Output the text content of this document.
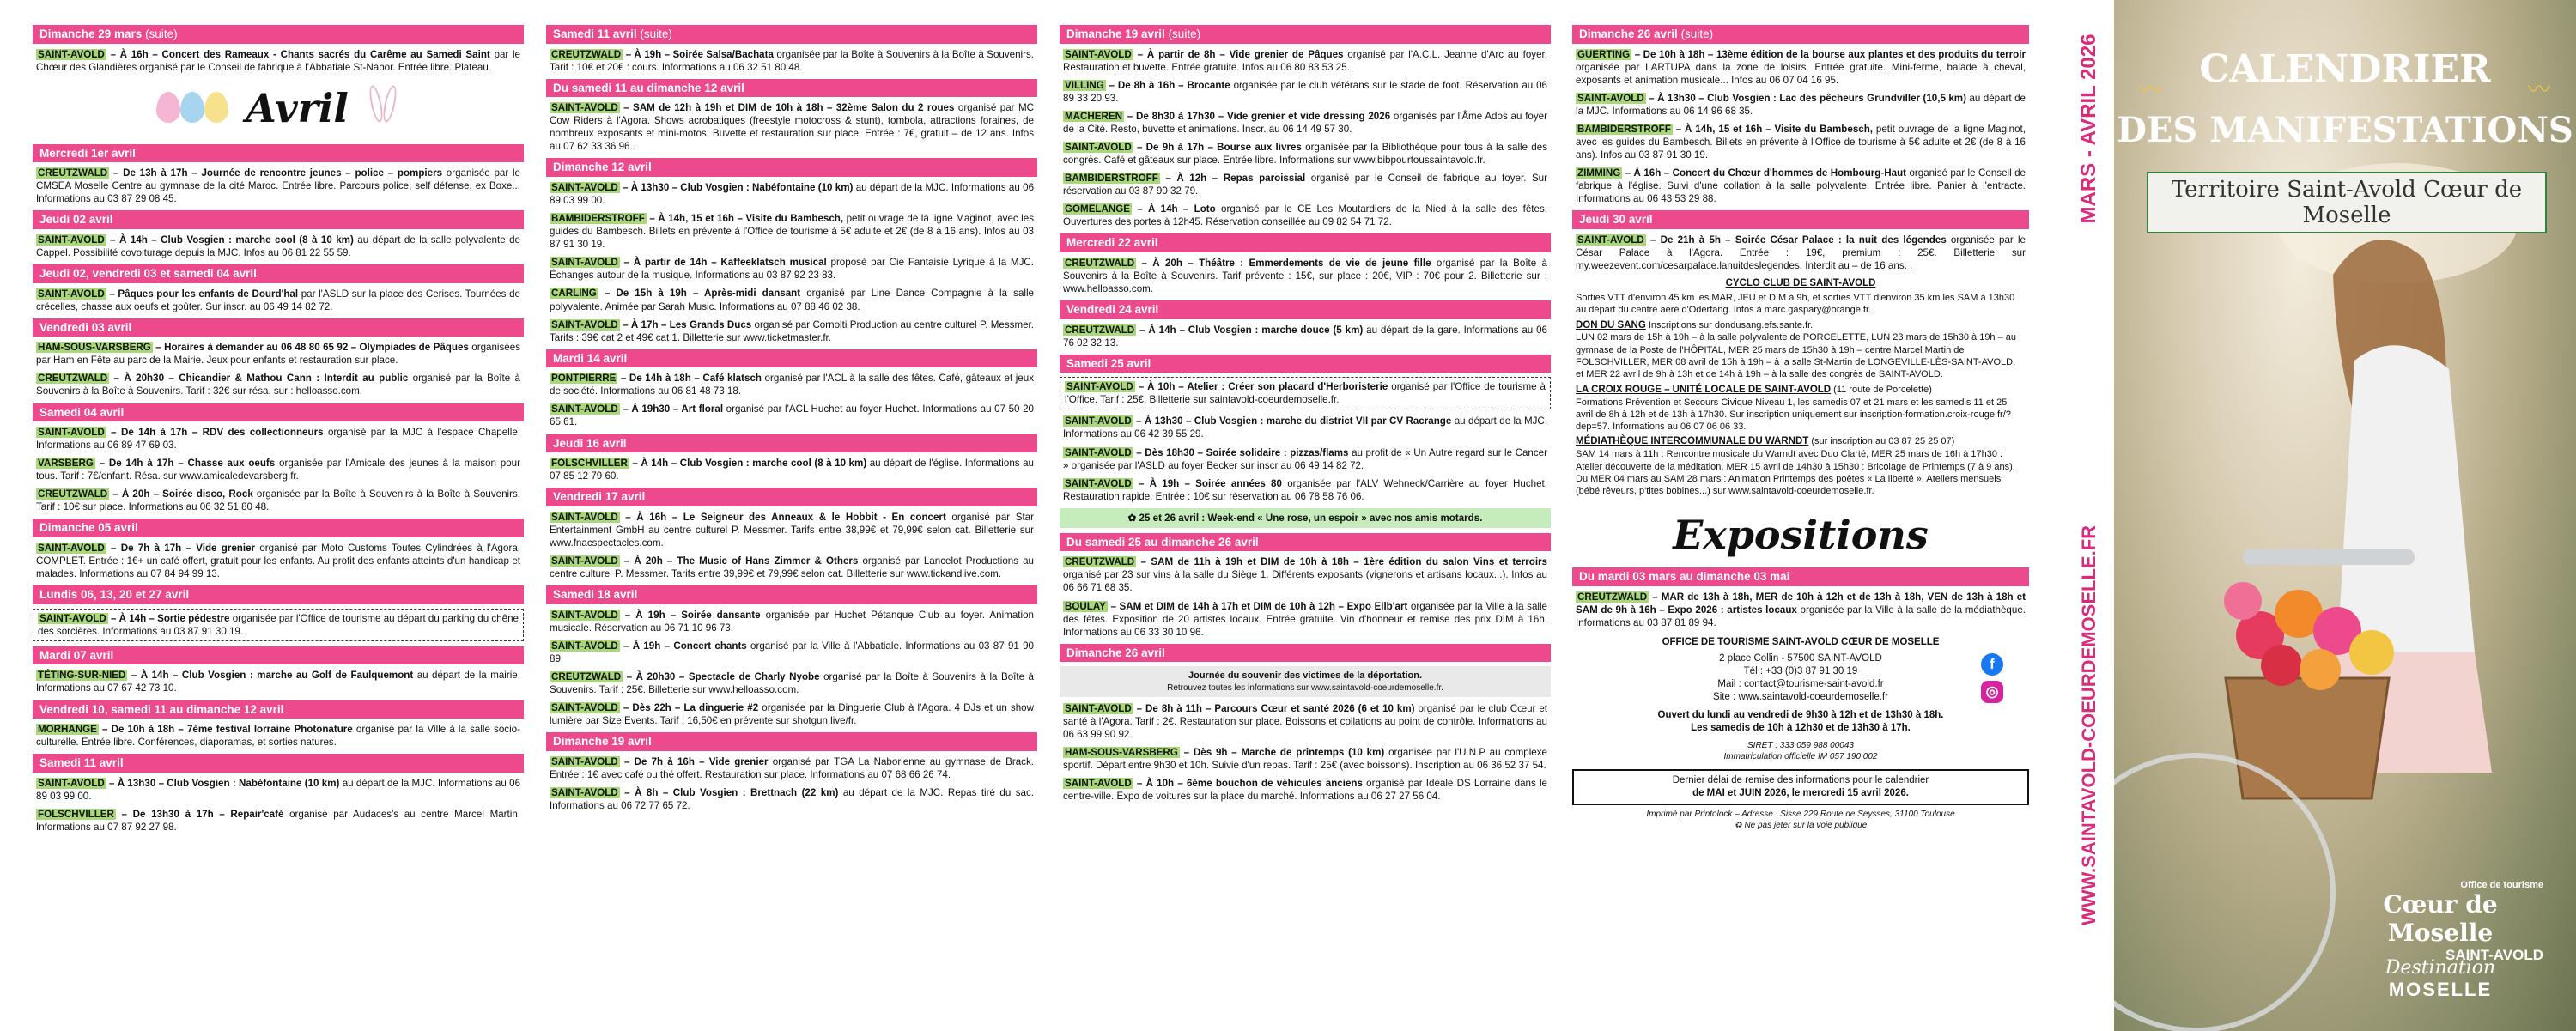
Dimanche 29 mars (suite)
SAINT-AVOLD – À 16h – Concert des Rameaux - Chants sacrés du Carême au Samedi Saint par le Chœur des Glandières organisé par le Conseil de fabrique à l'Abbatiale St-Nabor. Entrée libre. Plateau.
Avril
Mercredi 1er avril
CREUTZWALD – De 13h à 17h – Journée de rencontre jeunes – police – pompiers organisée par le CMSEA Moselle Centre au gymnase de la cité Maroc. Entrée libre. Parcours police, self défense, ex Boxe... Informations au 03 87 29 08 45.
Jeudi 02 avril
SAINT-AVOLD – À 14h – Club Vosgien : marche cool (8 à 10 km) au départ de la salle polyvalente de Cappel. Possibilité covoiturage depuis la MJC. Infos au 06 81 22 55 59.
Jeudi 02, vendredi 03 et samedi 04 avril
SAINT-AVOLD – Pâques pour les enfants de Dourd'hal par l'ASLD sur la place des Cerises. Tournées de crécelles, chasse aux oeufs et goûter. Sur inscr. au 06 49 14 82 72.
Vendredi 03 avril
HAM-SOUS-VARSBERG – Horaires à demander au 06 48 80 65 92 – Olympiades de Pâques organisées par Ham en Fête au parc de la Mairie. Jeux pour enfants et restauration sur place.
CREUTZWALD – À 20h30 – Chicandier & Mathou Cann : Interdit au public organisé par la Boîte à Souvenirs à la Boîte à Souvenirs. Tarif : 32€ sur résa. sur : helloasso.com.
Samedi 04 avril
SAINT-AVOLD – De 14h à 17h – RDV des collectionneurs organisé par la MJC à l'espace Chapelle. Informations au 06 89 47 69 03.
VARSBERG – De 14h à 17h – Chasse aux oeufs organisée par l'Amicale des jeunes à la maison pour tous. Tarif : 7€/enfant. Résa. sur www.amicaledevarsberg.fr.
CREUTZWALD – À 20h – Soirée disco, Rock organisée par la Boîte à Souvenirs à la Boîte à Souvenirs. Tarif : 10€ sur place. Informations au 06 32 51 80 48.
Dimanche 05 avril
SAINT-AVOLD – De 7h à 17h – Vide grenier organisé par Moto Customs Toutes Cylindrées à l'Agora. COMPLET. Entrée : 1€+ un café offert, gratuit pour les enfants. Au profit des enfants atteints d'un handicap et malades. Informations au 07 84 94 99 13.
Lundis 06, 13, 20 et 27 avril
SAINT-AVOLD – À 14h – Sortie pédestre organisée par l'Office de tourisme au départ du parking du chêne des sorcières. Informations au 03 87 91 30 19.
Mardi 07 avril
TÉTING-SUR-NIED – À 14h – Club Vosgien : marche au Golf de Faulquemont au départ de la mairie. Informations au 07 67 42 73 10.
Vendredi 10, samedi 11 au dimanche 12 avril
MORHANGE – De 10h à 18h – 7ème festival lorraine Photonature organisé par la Ville à la salle socio-culturelle. Entrée libre. Conférences, diaporamas, et sorties natures.
Samedi 11 avril
SAINT-AVOLD – À 13h30 – Club Vosgien : Nabéfontaine (10 km) au départ de la MJC. Informations au 06 89 03 99 00.
FOLSCHVILLER – De 13h30 à 17h – Repair'café organisé par Audaces's au centre Marcel Martin. Informations au 07 87 92 27 98.
Samedi 11 avril (suite)
CREUTZWALD – À 19h – Soirée Salsa/Bachata organisée par la Boîte à Souvenirs à la Boîte à Souvenirs. Tarif : 10€ et 20€ : cours. Informations au 06 32 51 80 48.
Du samedi 11 au dimanche 12 avril
SAINT-AVOLD – SAM de 12h à 19h et DIM de 10h à 18h – 32ème Salon du 2 roues organisé par MC Cow Riders à l'Agora. Shows acrobatiques (freestyle motocross & stunt), tombola, attractions foraines, de nombreux exposants et mini-motos. Buvette et restauration sur place. Entrée : 7€, gratuit – de 12 ans. Infos au 07 62 33 36 96..
Dimanche 12 avril
SAINT-AVOLD – À 13h30 – Club Vosgien : Nabéfontaine (10 km) au départ de la MJC. Informations au 06 89 03 99 00.
BAMBIDERSTROFF – À 14h, 15 et 16h – Visite du Bambesch, petit ouvrage de la ligne Maginot, avec les guides du Bambesch. Billets en prévente à l'Office de tourisme à 5€ adulte et 2€ (de 8 à 16 ans). Infos au 03 87 91 30 19.
SAINT-AVOLD – À partir de 14h – Kaffeeklatsch musical proposé par Cie Fantaisie Lyrique à la MJC. Échanges autour de la musique. Informations au 03 87 92 23 83.
CARLING – De 15h à 19h – Après-midi dansant organisé par Line Dance Compagnie à la salle polyvalente. Animée par Sarah Music. Informations au 07 88 46 02 38.
SAINT-AVOLD – À 17h – Les Grands Ducs organisé par Cornolti Production au centre culturel P. Messmer. Tarifs : 39€ cat 2 et 49€ cat 1. Billetterie sur www.ticketmaster.fr.
Mardi 14 avril
PONTPIERRE – De 14h à 18h – Café klatsch organisé par l'ACL à la salle des fêtes. Café, gâteaux et jeux de société. Informations au 06 81 48 73 18.
SAINT-AVOLD – À 19h30 – Art floral organisé par l'ACL Huchet au foyer Huchet. Informations au 07 50 20 65 61.
Jeudi 16 avril
FOLSCHVILLER – À 14h – Club Vosgien : marche cool (8 à 10 km) au départ de l'église. Informations au 07 85 12 79 60.
Vendredi 17 avril
SAINT-AVOLD – À 16h – Le Seigneur des Anneaux & le Hobbit - En concert organisé par Star Entertainment GmbH au centre culturel P. Messmer. Tarifs entre 38,99€ et 79,99€ selon cat. Billetterie sur www.fnacspectacles.com.
SAINT-AVOLD – À 20h – The Music of Hans Zimmer & Others organisé par Lancelot Productions au centre culturel P. Messmer. Tarifs entre 39,99€ et 79,99€ selon cat. Billetterie sur www.tickandlive.com.
Samedi 18 avril
SAINT-AVOLD – À 19h – Soirée dansante organisée par Huchet Pétanque Club au foyer. Animation musicale. Réservation au 06 71 10 96 73.
SAINT-AVOLD – À 19h – Concert chants organisé par la Ville à l'Abbatiale. Informations au 03 87 91 90 89.
CREUTZWALD – À 20h30 – Spectacle de Charly Nyobe organisé par la Boîte à Souvenirs à la Boîte à Souvenirs. Tarif : 25€. Billetterie sur www.helloasso.com.
SAINT-AVOLD – Dès 22h – La dinguerie #2 organisée par la Dinguerie Club à l'Agora. 4 DJs et un show lumière par Size Events. Tarif : 16,50€ en prévente sur shotgun.live/fr.
Dimanche 19 avril
SAINT-AVOLD – De 7h à 16h – Vide grenier organisé par TGA La Naborienne au gymnase de Brack. Entrée : 1€ avec café ou thé offert. Restauration sur place. Informations au 07 68 66 26 74.
SAINT-AVOLD – À 8h – Club Vosgien : Brettnach (22 km) au départ de la MJC. Repas tiré du sac. Informations au 06 72 77 65 72.
Dimanche 19 avril (suite)
SAINT-AVOLD – À partir de 8h – Vide grenier de Pâques organisé par l'A.C.L. Jeanne d'Arc au foyer. Restauration et buvette. Entrée gratuite. Infos au 06 80 83 53 25.
VILLING – De 8h à 16h – Brocante organisée par le club vétérans sur le stade de foot. Réservation au 06 89 33 20 93.
MACHEREN – De 8h30 à 17h30 – Vide grenier et vide dressing 2026 organisés par l'Âme Ados au foyer de la Cité. Resto, buvette et animations. Inscr. au 06 14 49 57 30.
SAINT-AVOLD – De 9h à 17h – Bourse aux livres organisée par la Bibliothèque pour tous à la salle des congrès. Café et gâteaux sur place. Entrée libre. Informations sur www.bibpourtoussaintavold.fr.
BAMBIDERSTROFF – À 12h – Repas paroissial organisé par le Conseil de fabrique au foyer. Sur réservation au 03 87 90 32 79.
GOMELANGE – À 14h – Loto organisé par le CE Les Moutardiers de la Nied à la salle des fêtes. Ouvertures des portes à 12h45. Réservation conseillée au 09 82 54 71 72.
Mercredi 22 avril
CREUTZWALD – À 20h – Théâtre : Emmerdements de vie de jeune fille organisé par la Boîte à Souvenirs à la Boîte à Souvenirs. Tarif prévente : 15€, sur place : 20€, VIP : 70€ pour 2. Billetterie sur : www.helloasso.com.
Vendredi 24 avril
CREUTZWALD – À 14h – Club Vosgien : marche douce (5 km) au départ de la gare. Informations au 06 76 02 32 13.
Samedi 25 avril
SAINT-AVOLD – À 10h – Atelier : Créer son placard d'Herboristerie organisé par l'Office de tourisme à l'Office. Tarif : 25€. Billetterie sur saintavold-coeurdemoselle.fr.
SAINT-AVOLD – À 13h30 – Club Vosgien : marche du district VII par CV Racrange au départ de la MJC. Informations au 06 42 39 55 29.
SAINT-AVOLD – Dès 18h30 – Soirée solidaire : pizzas/flams au profit de « Un Autre regard sur le Cancer » organisée par l'ASLD au foyer Becker sur inscr au 06 49 14 82 72.
SAINT-AVOLD – À 19h – Soirée années 80 organisée par l'ALV Wehneck/Carrière au foyer Huchet. Restauration rapide. Entrée : 10€ sur réservation au 06 78 58 76 06.
✿ 25 et 26 avril : Week-end « Une rose, un espoir » avec nos amis motards.
Du samedi 25 au dimanche 26 avril
CREUTZWALD – SAM de 11h à 19h et DIM de 10h à 18h – 1ère édition du salon Vins et terroirs organisé par 23 sur vins à la salle du Siège 1. Différents exposants (vignerons et artisans locaux...). Infos au 06 66 71 68 35.
BOULAY – SAM et DIM de 14h à 17h et DIM de 10h à 12h – Expo Ellb'art organisée par la Ville à la salle des fêtes. Exposition de 20 artistes locaux. Entrée gratuite. Vin d'honneur et remise des prix DIM à 16h. Informations au 06 33 30 10 96.
Dimanche 26 avril
Journée du souvenir des victimes de la déportation.
Retrouvez toutes les informations sur www.saintavold-coeurdemoselle.fr.
SAINT-AVOLD – De 8h à 11h – Parcours Cœur et santé 2026 (6 et 10 km) organisé par le club Cœur et santé à l'Agora. Tarif : 2€. Restauration sur place. Boissons et collations au point de contrôle. Informations au 06 63 99 90 92.
HAM-SOUS-VARSBERG – Dès 9h – Marche de printemps (10 km) organisée par l'U.N.P au complexe sportif. Départ entre 9h30 et 10h. Suivie d'un repas. Tarif : 25€ (avec boissons). Inscription au 06 36 52 37 54.
SAINT-AVOLD – À 10h – 6ème bouchon de véhicules anciens organisé par Idéale DS Lorraine dans le centre-ville. Expo de voitures sur la place du marché. Informations au 06 27 27 56 04.
Dimanche 26 avril (suite)
GUERTING – De 10h à 18h – 13ème édition de la bourse aux plantes et des produits du terroir organisée par LARTUPA dans la zone de loisirs. Entrée gratuite. Mini-ferme, balade à cheval, exposants et animation musicale... Infos au 06 07 04 16 95.
SAINT-AVOLD – À 13h30 – Club Vosgien : Lac des pêcheurs Grundviller (10,5 km) au départ de la MJC. Informations au 06 14 96 68 35.
BAMBIDERSTROFF – À 14h, 15 et 16h – Visite du Bambesch, petit ouvrage de la ligne Maginot, avec les guides du Bambesch. Billets en prévente à l'Office de tourisme à 5€ adulte et 2€ (de 8 à 16 ans). Infos au 03 87 91 30 19.
ZIMMING – À 16h – Concert du Chœur d'hommes de Hombourg-Haut organisé par le Conseil de fabrique à l'église. Suivi d'une collation à la salle polyvalente. Entrée libre. Panier à l'entracte. Informations au 06 43 53 29 88.
Jeudi 30 avril
SAINT-AVOLD – De 21h à 5h – Soirée César Palace : la nuit des légendes organisée par le César Palace à l'Agora. Entrée : 19€, premium : 25€. Billetterie sur my.weezevent.com/cesarpalace.lanuitdeslegendes. Interdit au – de 16 ans. .
CYCLO CLUB DE SAINT-AVOLD
Sorties VTT d'environ 45 km les MAR, JEU et DIM à 9h, et sorties VTT d'environ 35 km les SAM à 13h30 au départ du centre aéré d'Oderfang. Infos à marc.gaspary@orange.fr.
DON DU SANG Inscriptions sur dondusang.efs.sante.fr.
LUN 02 mars de 15h à 19h – à la salle polyvalente de PORCELETTE, LUN 23 mars de 15h30 à 19h – au gymnase de la Poste de l'HÔPITAL, MER 25 mars de 15h30 à 19h – centre Marcel Martin de FOLSCHVILLER, MER 08 avril de 15h à 19h – à la salle St-Martin de LONGEVILLE-LÈS-SAINT-AVOLD, et MER 22 avril de 9h à 13h et de 14h à 19h – à la salle des congrès de SAINT-AVOLD.
LA CROIX ROUGE – UNITÉ LOCALE DE SAINT-AVOLD (11 route de Porcelette)
Formations Prévention et Secours Civique Niveau 1, les samedis 07 et 21 mars et les samedis 11 et 25 avril de 8h à 12h et de 13h à 17h30. Sur inscription uniquement sur inscription-formation.croix-rouge.fr/?dep=57. Informations au 06 07 06 06 33.
MÉDIATHÈQUE INTERCOMMUNALE DU WARNDT (sur inscription au 03 87 25 25 07)
SAM 14 mars à 11h : Rencontre musicale du Warndt avec Duo Clarté, MER 25 mars de 16h à 17h30 : Atelier découverte de la méditation, MER 15 avril de 14h30 à 15h30 : Bricolage de Printemps (7 à 9 ans). Du MER 04 mars au SAM 28 mars : Animation Printemps des poètes « La liberté ». Ateliers mensuels (bébé rêveurs, p'tites bobines...) sur www.saintavold-coeurdemoselle.fr.
Expositions
Du mardi 03 mars au dimanche 03 mai
CREUTZWALD – MAR de 13h à 18h, MER de 10h à 12h et de 13h à 18h, VEN de 13h à 18h et SAM de 9h à 16h – Expo 2026 : artistes locaux organisée par la Ville à la salle de la médiathèque. Informations au 03 87 81 89 94.
OFFICE DE TOURISME SAINT-AVOLD CŒUR DE MOSELLE
2 place Collin - 57500 SAINT-AVOLD
Tél : +33 (0)3 87 91 30 19
Mail : contact@tourisme-saint-avold.fr
Site : www.saintavold-coeurdemoselle.fr
f
◎
Ouvert du lundi au vendredi de 9h30 à 12h et de 13h30 à 18h.
Les samedis de 10h à 12h30 et de 13h30 à 17h.
SIRET : 333 059 988 00043
Immatriculation officielle IM 057 190 002
Dernier délai de remise des informations pour le calendrier
de MAI et JUIN 2026, le mercredi 15 avril 2026.
Imprimé par Printolock – Adresse : Sisse 229 Route de Seysses, 31100 Toulouse
♻ Ne pas jeter sur la voie publique
MARS - AVRIL 2026
WWW.SAINTAVOLD-COEURDEMOSELLE.FR
CALENDRIER
DES MANIFESTATIONS
〰	〰
Territoire Saint-Avold Cœur de Moselle
Office de tourisme
Cœur de Moselle
SAINT-AVOLD
Destination
MOSELLE
